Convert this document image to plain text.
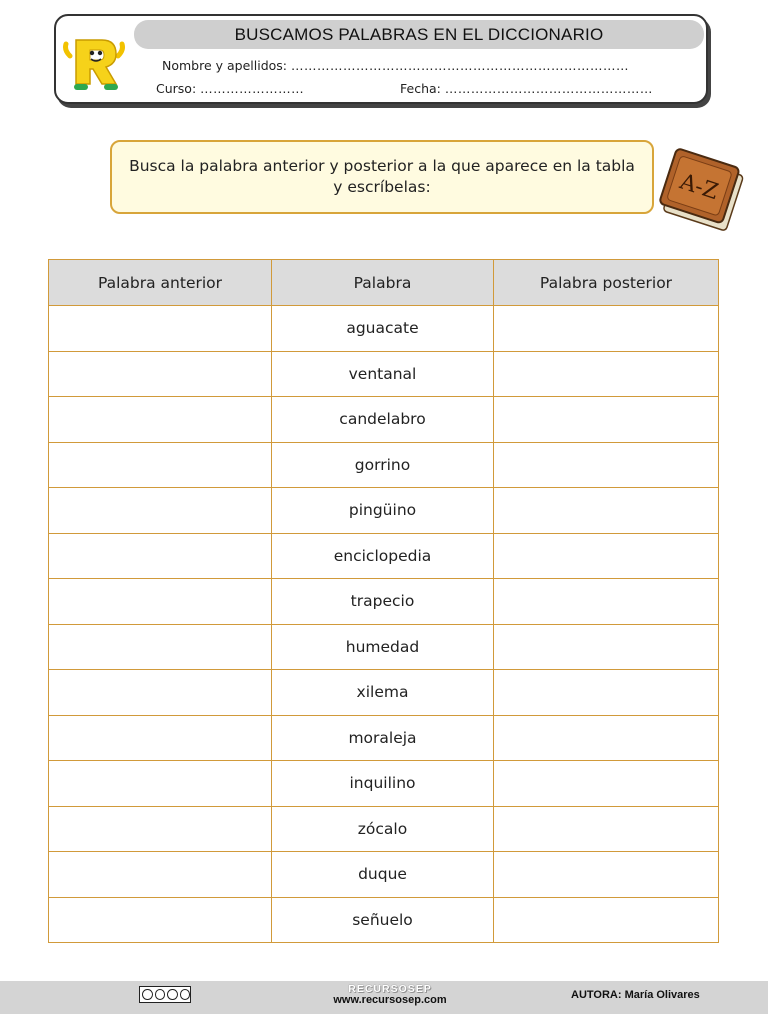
BUSCAMOS PALABRAS EN EL DICCIONARIO
Nombre y apellidos: ……………………………………………………………………
Curso: ……………………	Fecha: …………………………………………
Busca la palabra anterior y posterior a la que aparece en la tabla y escríbelas:	A-Z
Palabra anterior	Palabra	Palabra posterior
	aguacate	
	ventanal	
	candelabro	
	gorrino	
	pingüino	
	enciclopedia	
	trapecio	
	humedad	
	xilema	
	moraleja	
	inquilino	
	zócalo	
	duque	
	señuelo	
RECURSOSEP
www.recursosep.com	AUTORA: María Olivares
